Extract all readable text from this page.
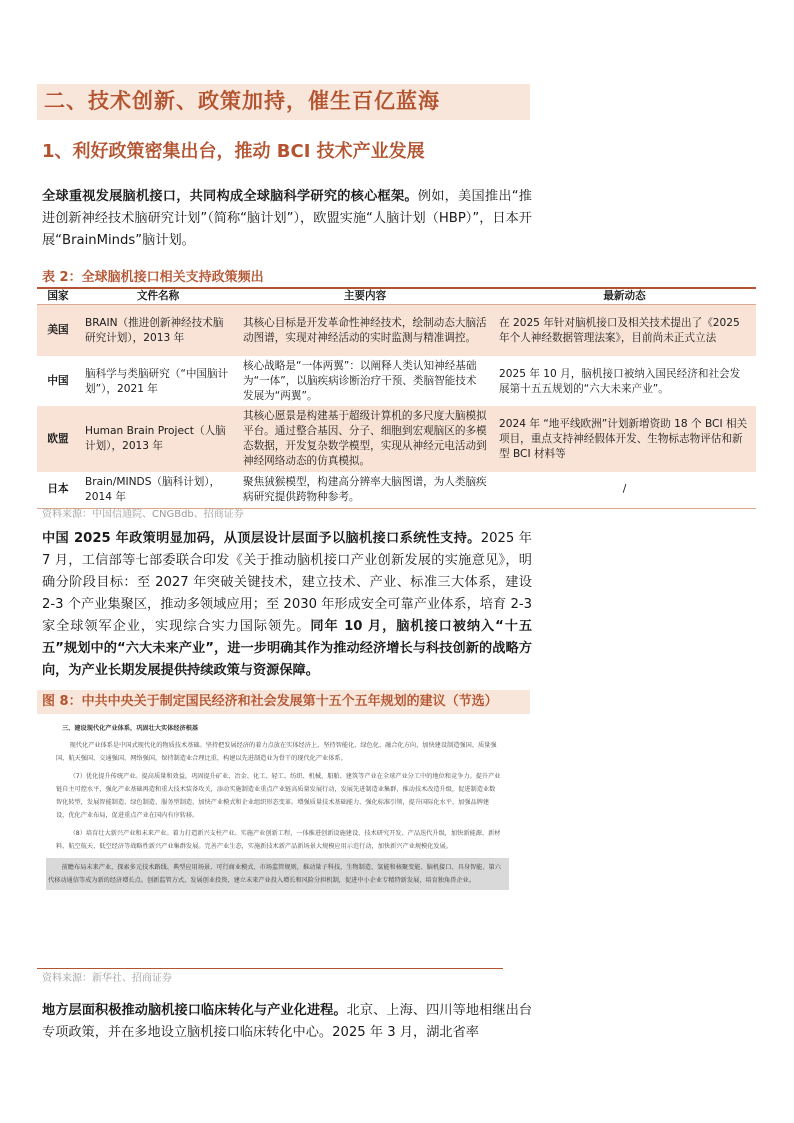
二、技术创新、政策加持，催生百亿蓝海
1、利好政策密集出台，推动 BCI 技术产业发展
全球重视发展脑机接口，共同构成全球脑科学研究的核心框架。例如，美国推出“推进创新神经技术脑研究计划”（简称“脑计划”），欧盟实施“人脑计划（HBP）”，日本开展“BrainMinds”脑计划。
表 2：全球脑机接口相关支持政策频出
国家	文件名称	主要内容	最新动态
美国	BRAIN（推进创新神经技术脑研究计划），2013 年	其核心目标是开发革命性神经技术，绘制动态大脑活动图谱，实现对神经活动的实时监测与精准调控。	在 2025 年针对脑机接口及相关技术提出了《2025 年个人神经数据管理法案》，目前尚未正式立法
中国	脑科学与类脑研究（“中国脑计划”），2021 年	核心战略是“一体两翼”：以阐释人类认知神经基础为“一体”，以脑疾病诊断治疗干预、类脑智能技术发展为“两翼”。	2025 年 10 月，脑机接口被纳入国民经济和社会发展第十五五规划的“六大未来产业”。
欧盟	Human Brain Project（人脑计划），2013 年	其核心愿景是构建基于超级计算机的多尺度大脑模拟平台。通过整合基因、分子、细胞到宏观脑区的多模态数据，开发复杂数学模型，实现从神经元电活动到神经网络动态的仿真模拟。	2024 年 “地平线欧洲”计划新增资助 18 个 BCI 相关项目，重点支持神经假体开发、生物标志物评估和新型 BCI 材料等
日本	Brain/MINDS（脑科计划），2014 年	聚焦狨猴模型，构建高分辨率大脑图谱，为人类脑疾病研究提供跨物种参考。	/
资料来源：中国信通院、CNGBdb、招商证券
中国 2025 年政策明显加码，从顶层设计层面予以脑机接口系统性支持。2025 年 7 月，工信部等七部委联合印发《关于推动脑机接口产业创新发展的实施意见》，明确分阶段目标：至 2027 年突破关键技术，建立技术、产业、标准三大体系，建设 2-3 个产业集聚区，推动多领域应用；至 2030 年形成安全可靠产业体系，培育 2-3 家全球领军企业，实现综合实力国际领先。同年 10 月，脑机接口被纳入“十五五”规划中的“六大未来产业”，进一步明确其作为推动经济增长与科技创新的战略方向，为产业长期发展提供持续政策与资源保障。
图 8：中共中央关于制定国民经济和社会发展第十五个五年规划的建议（节选）
三、建设现代化产业体系，巩固壮大实体经济根基
现代化产业体系是中国式现代化的物质技术基础。坚持把发展经济的着力点放在实体经济上，坚持智能化、绿色化、融合化方向，加快建设制造强国、质量强国、航天强国、交通强国、网络强国，保持制造业合理比重，构建以先进制造业为骨干的现代化产业体系。
（7）优化提升传统产业。提高质量和效益，巩固提升矿业、冶金、化工、轻工、纺织、机械、船舶、建筑等产业在全球产业分工中的地位和竞争力。提升产业链自主可控水平，强化产业基础再造和重大技术装备攻关，添动实施制造业重点产业链高质量发展行动，发展先进制造业集群，推动技术改造升级，促进制造业数智化转型，发展智能制造、绿色制造、服务型制造，加快产业模式和企业组织形态变革。增强质量技术基础能力，强化标准引领，提升国际化水平，加强品牌建设，优化产业布局，促进重点产业在国内有序转移。
（8）培育壮大新兴产业和未来产业。着力打造新兴支柱产业。实施产业创新工程，一体推进创新设施建设、技术研究开发、产品迭代升级，加快新能源、新材料、航空航天、低空经济等战略性新兴产业集群发展。完善产业生态，实施新技术新产品新场景大规模应用示范行动，加快新兴产业规模化发展。
前瞻布局未来产业，探索多元技术路线、典型应用场景、可行商业模式、市场监管规则，推动量子科技、生物制造、氢能和核聚变能、脑机接口、具身智能、第六代移动通信等成为新的经济增长点。创新监管方式，发展创业投资，建立未来产业投入增长和风险分担机制，促进中小企业专精特新发展，培育独角兽企业。
资料来源：新华社、招商证券
地方层面积极推动脑机接口临床转化与产业化进程。北京、上海、四川等地相继出台专项政策，并在多地设立脑机接口临床转化中心。2025 年 3 月，湖北省率
